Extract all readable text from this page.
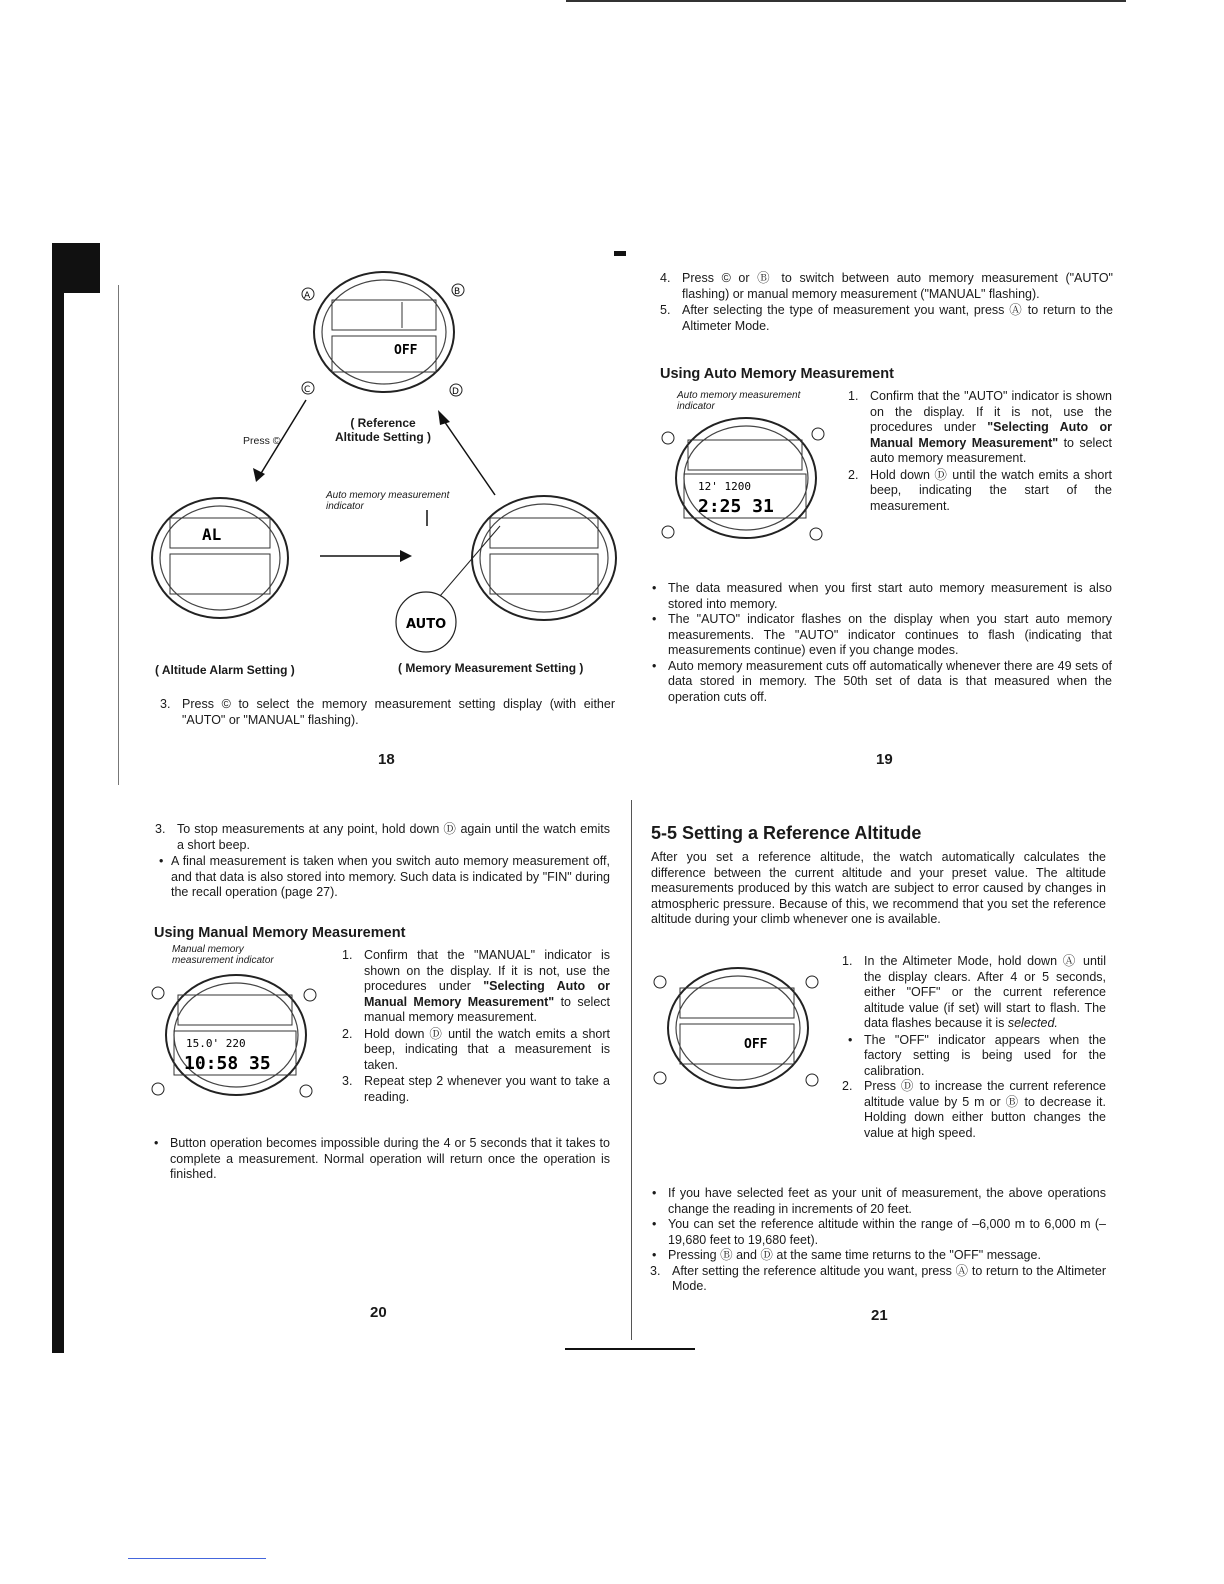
A	B
C	D
OFF
AL
AUTO
( Reference
Altitude Setting )
Press ©
Auto memory measurement
indicator
( Altitude Alarm Setting )	( Memory Measurement Setting )
3. Press © to select the memory measurement setting display (with either "AUTO" or "MANUAL" flashing).
18
4. Press © or Ⓑ to switch between auto memory measurement ("AUTO" flashing) or manual memory measurement ("MANUAL" flashing).
5. After selecting the type of measurement you want, press Ⓐ to return to the Altimeter Mode.
Using Auto Memory Measurement
Auto memory measurement
indicator
12' 1200
2:25 31
1. Confirm that the "AUTO" indicator is shown on the display. If it is not, use the procedures under "Selecting Auto or Manual Memory Measurement" to select auto memory measurement.
2. Hold down Ⓓ until the watch emits a short beep, indicating the start of the measurement.
• The data measured when you first start auto memory measurement is also stored into memory.
• The "AUTO" indicator flashes on the display when you start auto memory measurements. The "AUTO" indicator continues to flash (indicating that measurements continue) even if you change modes.
• Auto memory measurement cuts off automatically whenever there are 49 sets of data stored in memory. The 50th set of data is that measured when the operation cuts off.
19
3. To stop measurements at any point, hold down Ⓓ again until the watch emits a short beep.
• A final measurement is taken when you switch auto memory measurement off, and that data is also stored into memory. Such data is indicated by "FIN" during the recall operation (page 27).
Using Manual Memory Measurement
Manual memory
measurement indicator
15.0' 220
10:58 35
1. Confirm that the "MANUAL" indicator is shown on the display. If it is not, use the procedures under "Selecting Auto or Manual Memory Measurement" to select manual memory measurement.
2. Hold down Ⓓ until the watch emits a short beep, indicating that a measurement is taken.
3. Repeat step 2 whenever you want to take a reading.
• Button operation becomes impossible during the 4 or 5 seconds that it takes to complete a measurement. Normal operation will return once the operation is finished.
20
5-5 Setting a Reference Altitude
After you set a reference altitude, the watch automatically calculates the difference between the current altitude and your preset value. The altitude measurements produced by this watch are subject to error caused by changes in atmospheric pressure. Because of this, we recommend that you set the reference altitude during your climb whenever one is available.
OFF
1. In the Altimeter Mode, hold down Ⓐ until the display clears. After 4 or 5 seconds, either "OFF" or the current reference altitude value (if set) will start to flash. The data flashes because it is selected.
• The "OFF" indicator appears when the factory setting is being used for the calibration.
2. Press Ⓓ to increase the current reference altitude value by 5 m or Ⓑ to decrease it. Holding down either button changes the value at high speed.
• If you have selected feet as your unit of measurement, the above operations change the reading in increments of 20 feet.
• You can set the reference altitude within the range of –6,000 m to 6,000 m (–19,680 feet to 19,680 feet).
• Pressing Ⓑ and Ⓓ at the same time returns to the "OFF" message.
3. After setting the reference altitude you want, press Ⓐ to return to the Altimeter Mode.
21
